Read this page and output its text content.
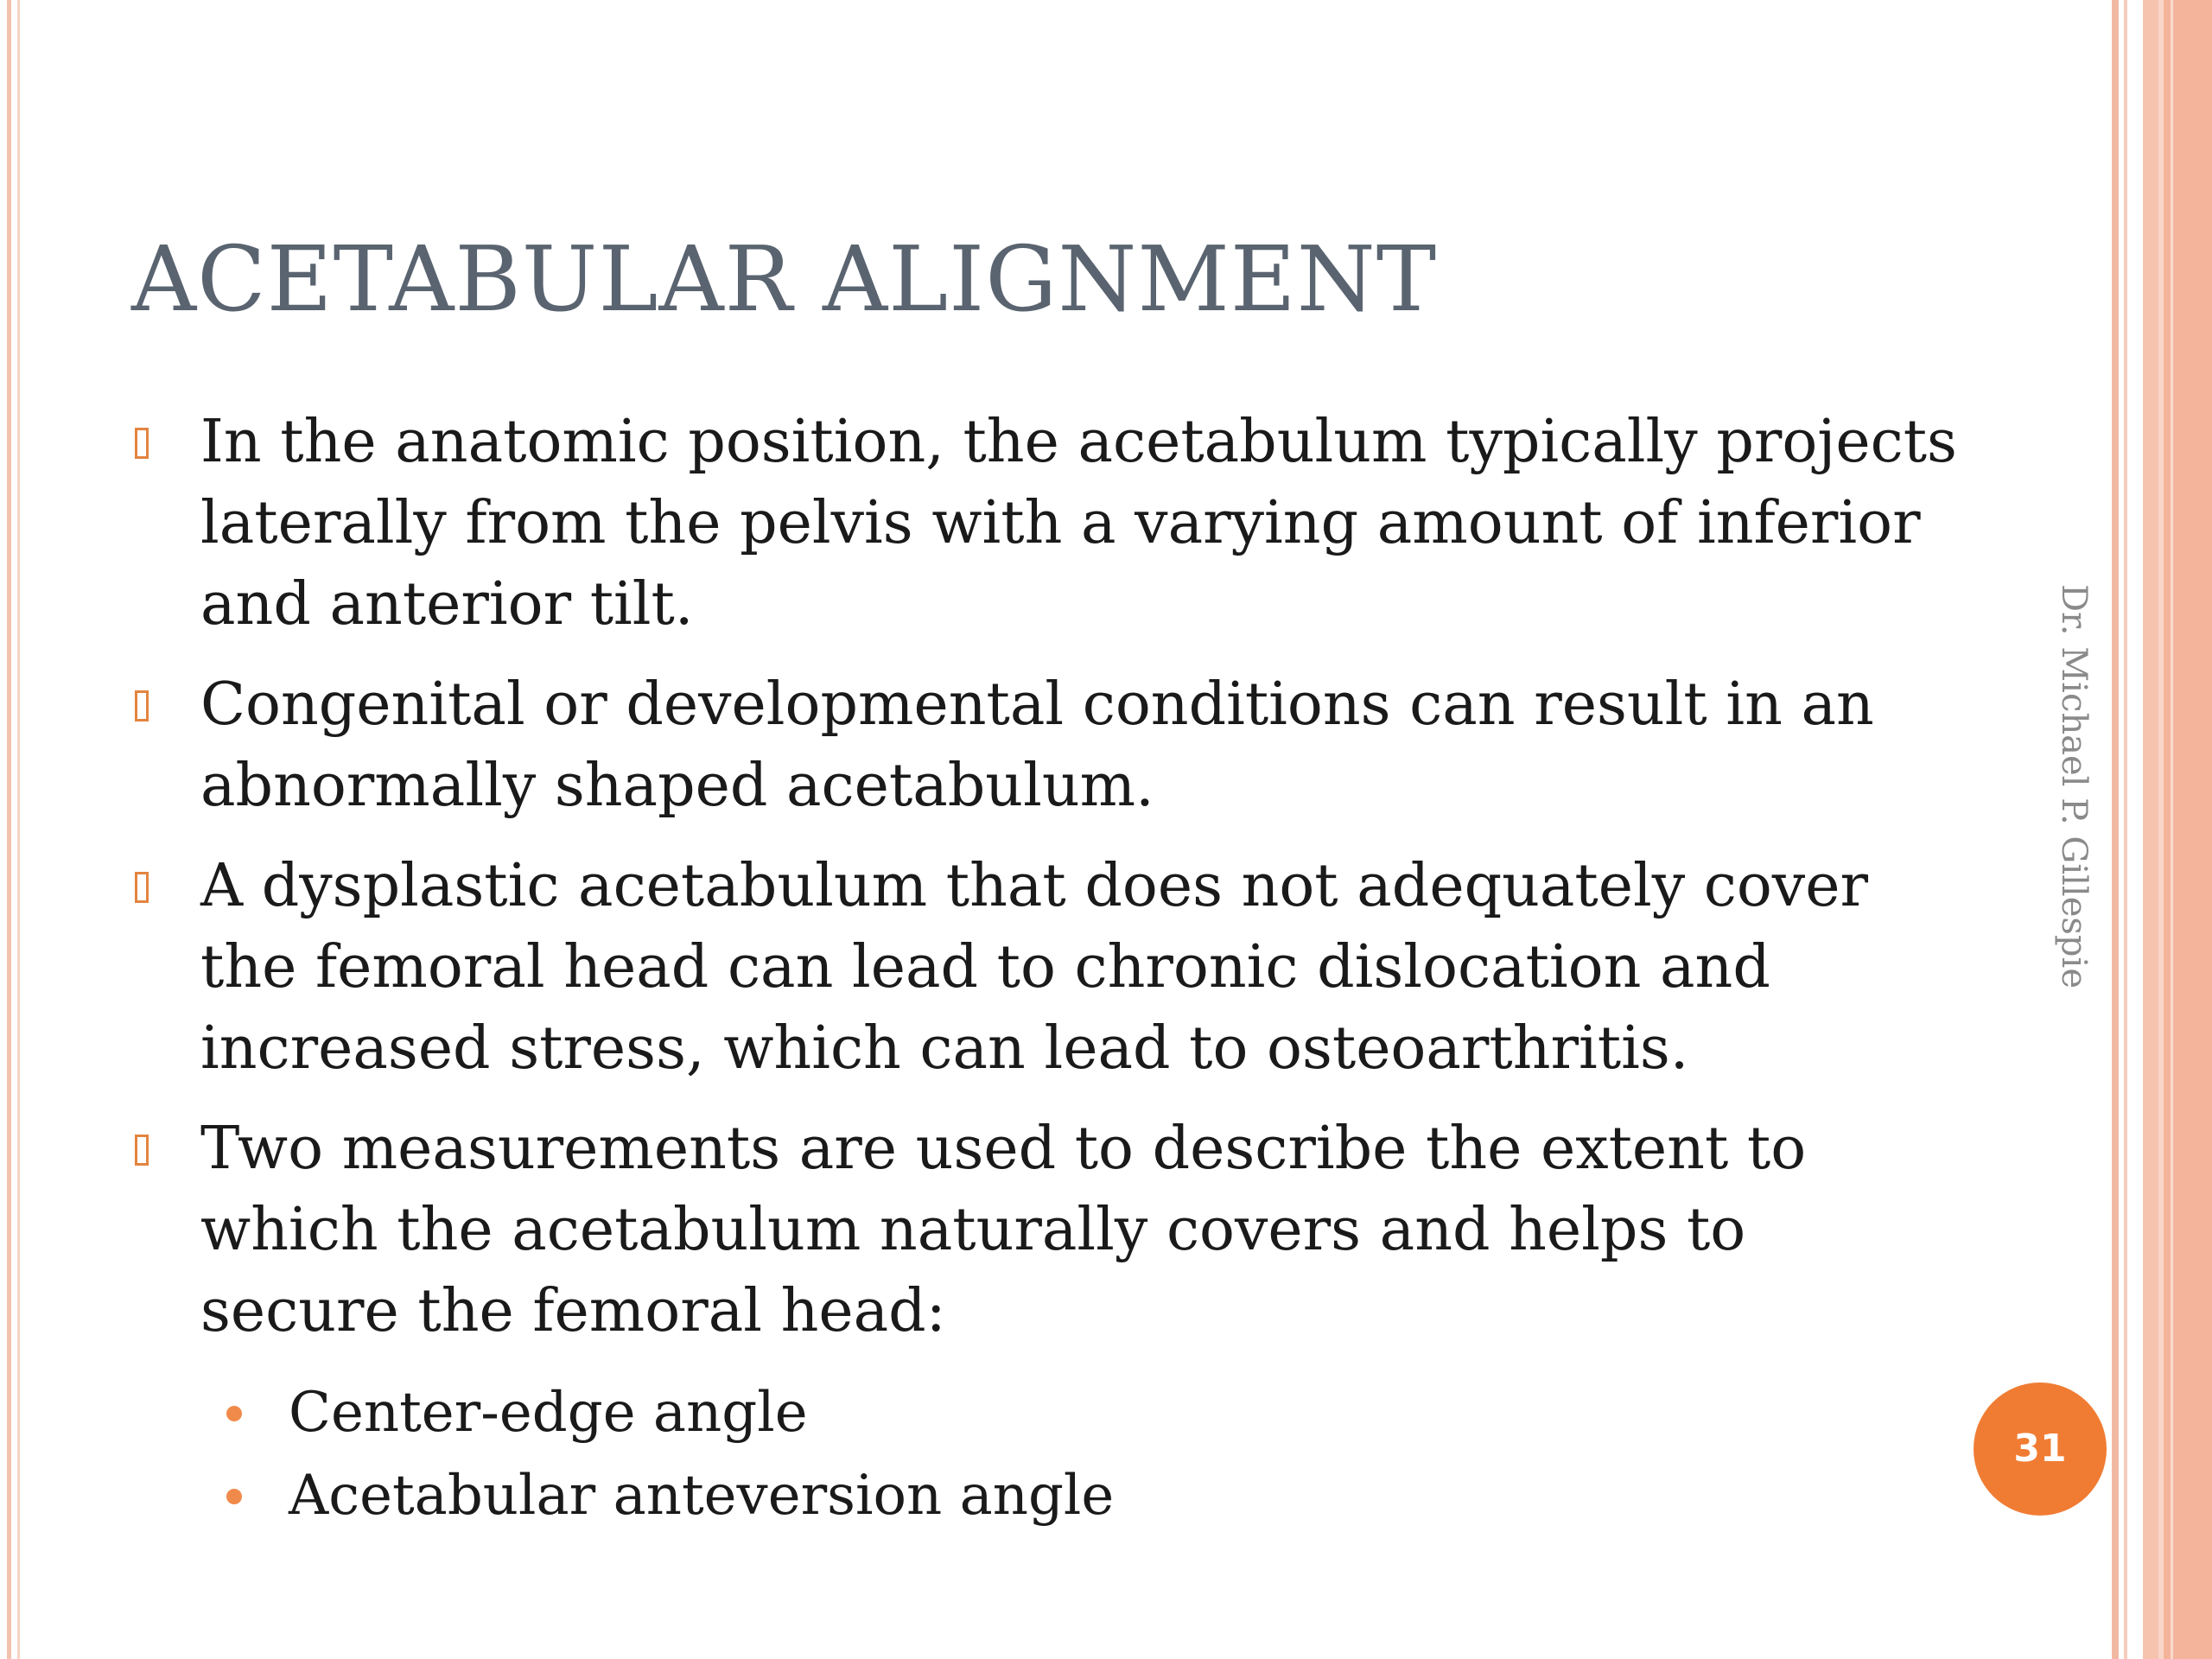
ACETABULAR ALIGNMENT
In the anatomic position, the acetabulum typically projects laterally from the pelvis with a varying amount of inferior and anterior tilt.
Congenital or developmental conditions can result in an abnormally shaped acetabulum.
A dysplastic acetabulum that does not adequately cover the femoral head can lead to chronic dislocation and increased stress, which can lead to osteoarthritis.
Two measurements are used to describe the extent to which the acetabulum naturally covers and helps to secure the femoral head:
Center-edge angle
Acetabular anteversion angle
Dr. Michael P. Gillespie
31
